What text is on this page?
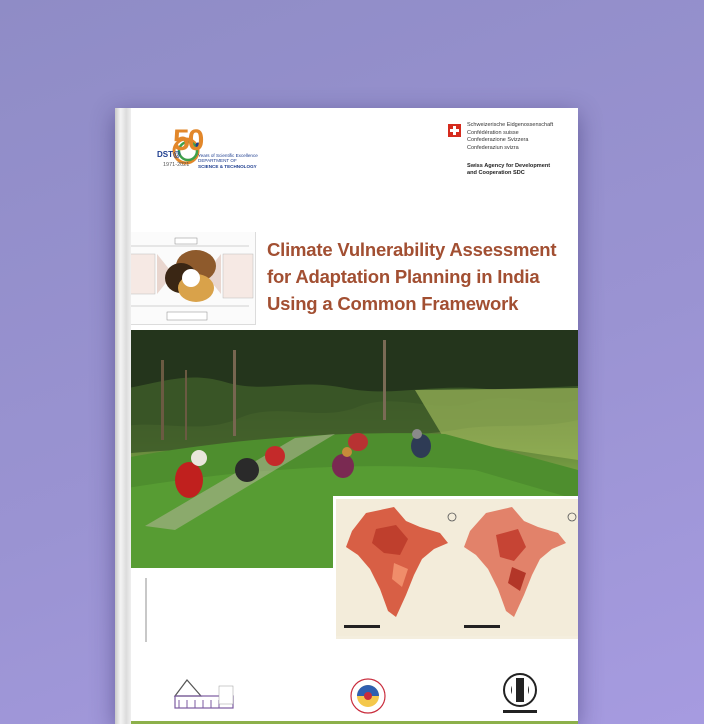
DST@
50
1971-2021
Years of Scientific Excellence
DEPARTMENT OF
SCIENCE & TECHNOLOGY
Schweizerische Eidgenossenschaft
Confédération suisse
Confederazione Svizzera
Confederaziun svizra
Swiss Agency for Development
and Cooperation SDC
Climate Vulnerability Assessment
for Adaptation Planning in India
Using a Common Framework
